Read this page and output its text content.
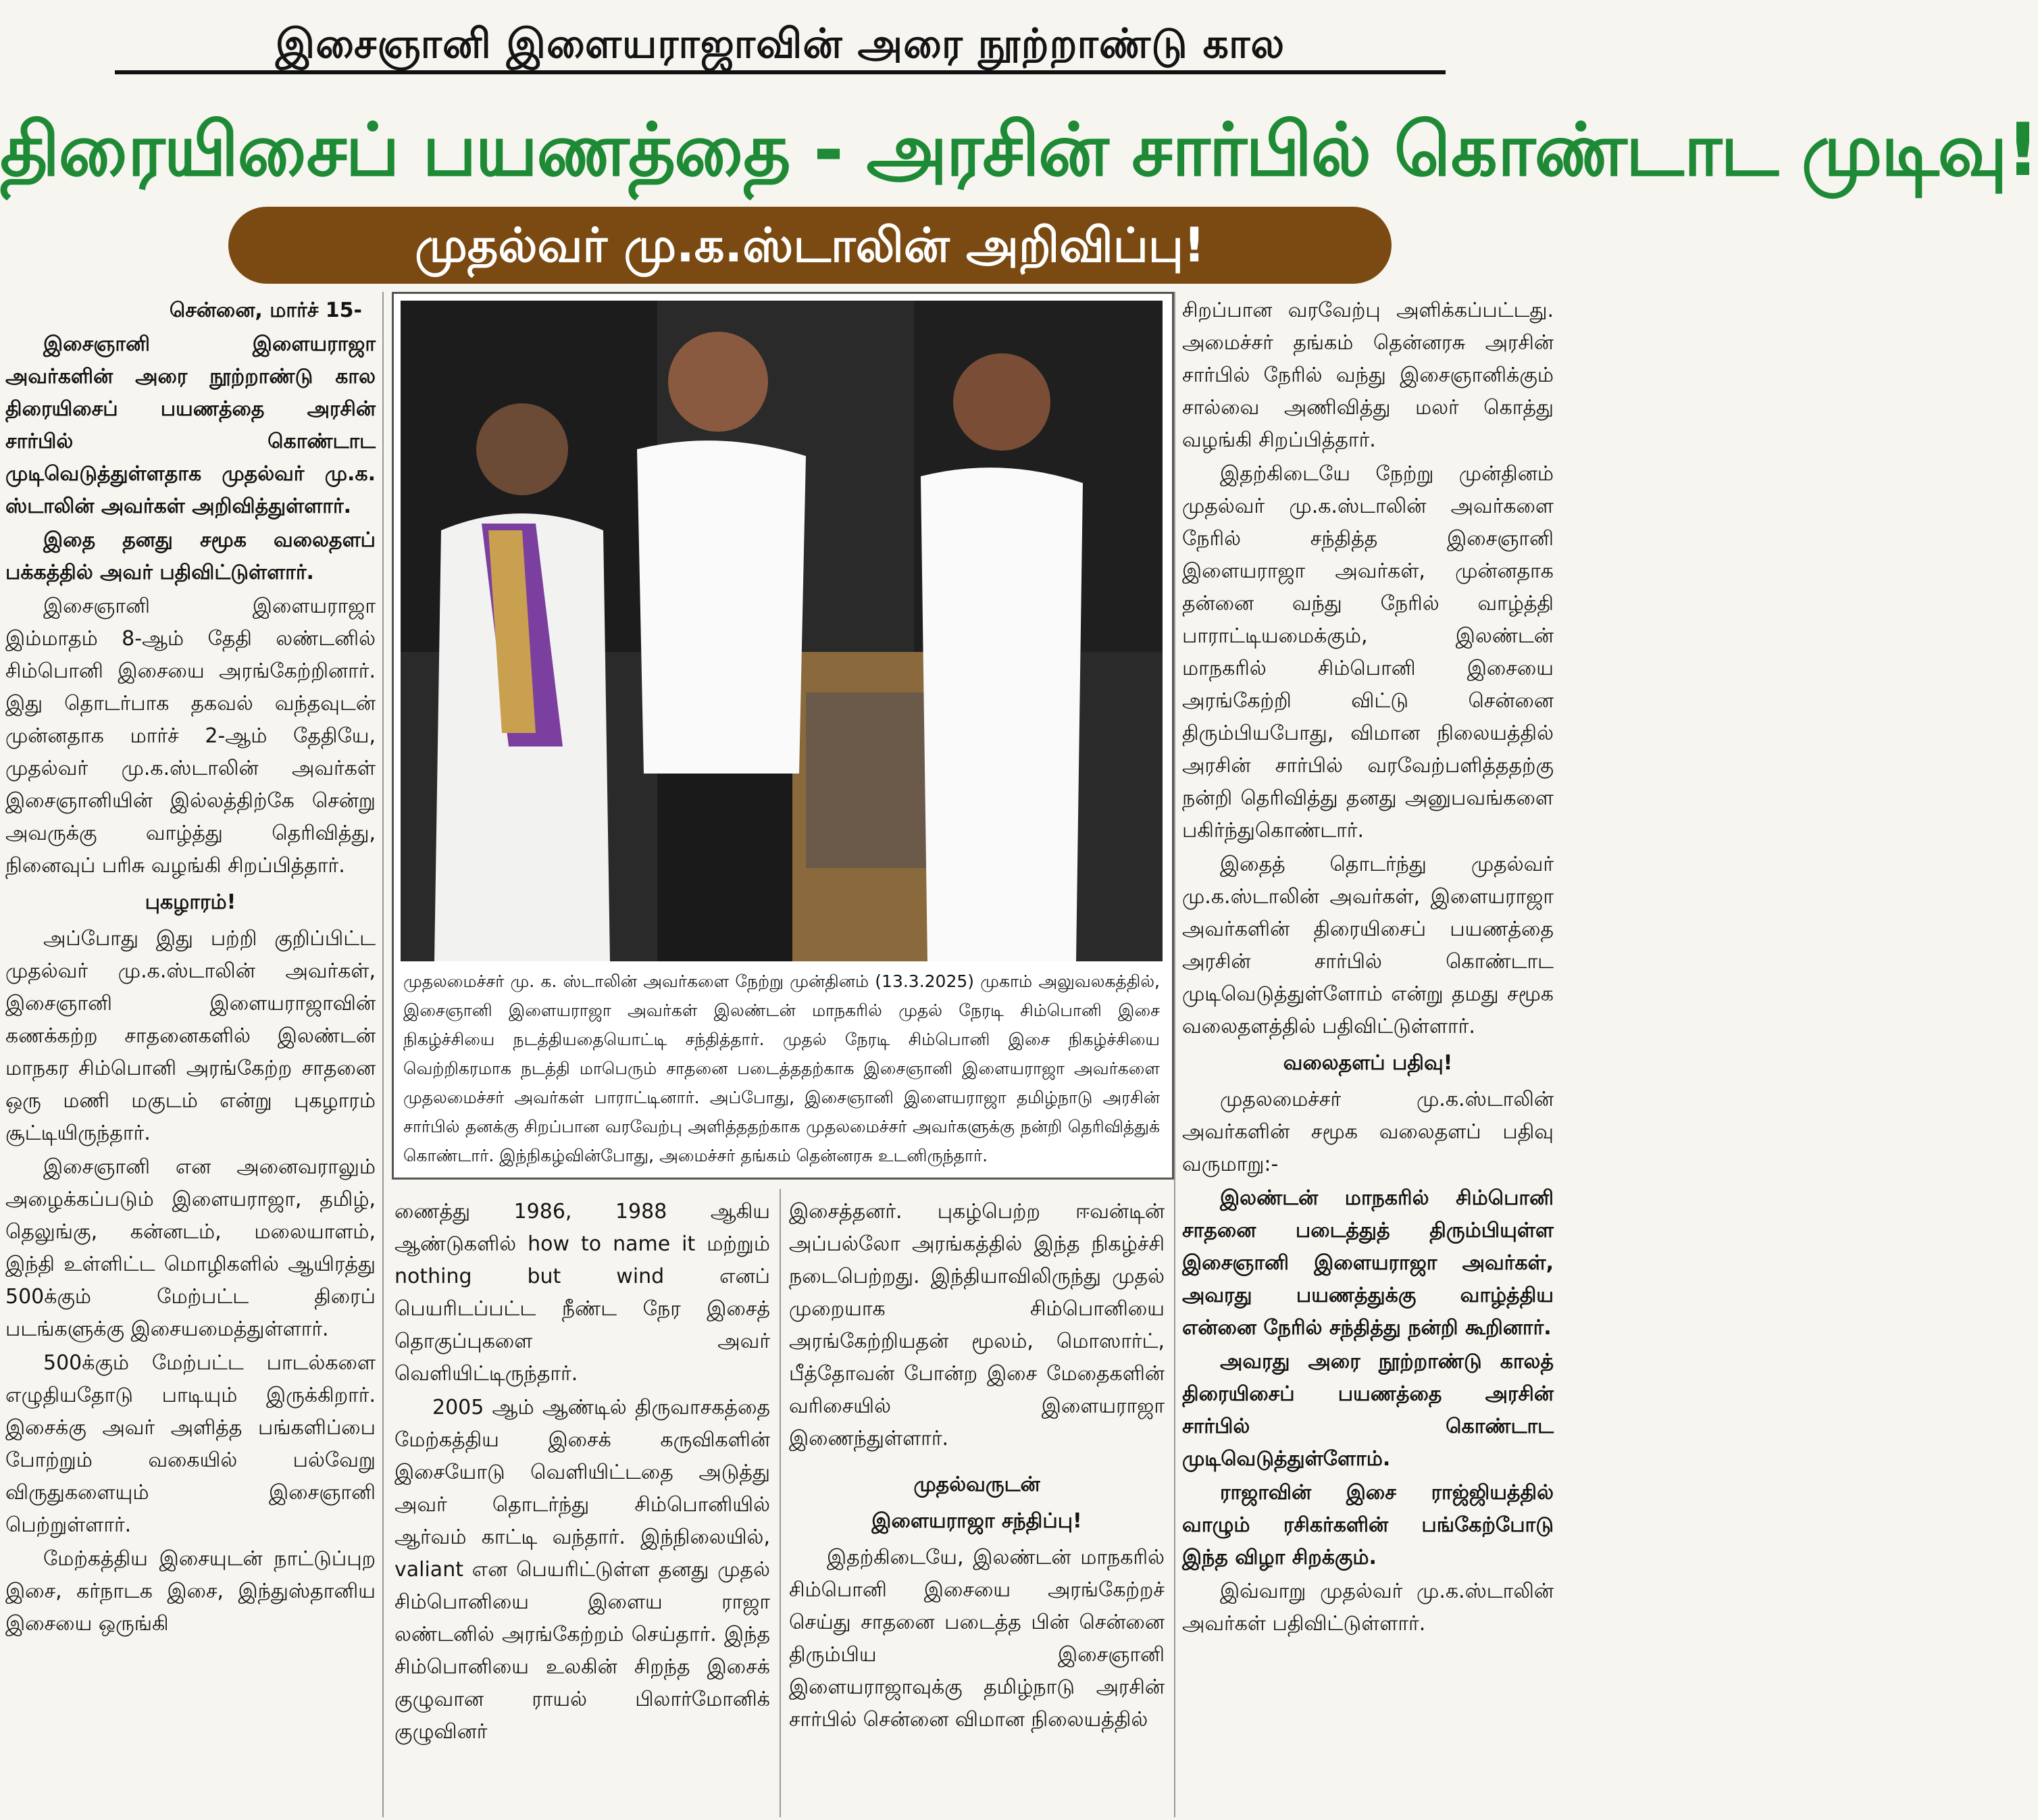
இசைஞானி இளையராஜாவின் அரை நூற்றாண்டு கால
திரையிசைப் பயணத்தை - அரசின் சார்பில் கொண்டாட முடிவு!
முதல்வர் மு.க.ஸ்டாலின் அறிவிப்பு!

சென்னை, மார்ச் 15-

இசைஞானி இளையராஜா அவர்களின் அரை நூற்றாண்டு கால திரையிசைப் பயணத்தை அரசின் சார்பில் கொண்டாட முடிவெடுத்துள்ளதாக முதல்வர் மு.க. ஸ்டாலின் அவர்கள் அறிவித்துள்ளார்.

இதை தனது சமூக வலைதளப் பக்கத்தில் அவர் பதிவிட்டுள்ளார்.

இசைஞானி இளையராஜா இம்மாதம் 8-ஆம் தேதி லண்டனில் சிம்பொனி இசையை அரங்கேற்றினார். இது தொடர்பாக தகவல் வந்தவுடன் முன்னதாக மார்ச் 2-ஆம் தேதியே, முதல்வர் மு.க.ஸ்டாலின் அவர்கள் இசைஞானியின் இல்லத்திற்கே சென்று அவருக்கு வாழ்த்து தெரிவித்து, நினைவுப் பரிசு வழங்கி சிறப்பித்தார்.

புகழாரம்!

அப்போது இது பற்றி குறிப்பிட்ட முதல்வர் மு.க.ஸ்டாலின் அவர்கள், இசைஞானி இளையராஜாவின் கணக்கற்ற சாதனைகளில் இலண்டன் மாநகர சிம்பொனி அரங்கேற்ற சாதனை ஒரு மணி மகுடம் என்று புகழாரம் சூட்டியிருந்தார்.

இசைஞானி என அனைவராலும் அழைக்கப்படும் இளையராஜா, தமிழ், தெலுங்கு, கன்னடம், மலையாளம், இந்தி உள்ளிட்ட மொழிகளில் ஆயிரத்து 500க்கும் மேற்பட்ட திரைப் படங்களுக்கு இசையமைத்துள்ளார்.

500க்கும் மேற்பட்ட பாடல்களை எழுதியதோடு பாடியும் இருக்கிறார். இசைக்கு அவர் அளித்த பங்களிப்பை போற்றும் வகையில் பல்வேறு விருதுகளையும் இசைஞானி பெற்றுள்ளார்.

மேற்கத்திய இசையுடன் நாட்டுப்புற இசை, கர்நாடக இசை, இந்துஸ்தானிய இசையை ஒருங்கி

முதலமைச்சர் மு. க. ஸ்டாலின் அவர்களை நேற்று முன்தினம் (13.3.2025) முகாம் அலுவலகத்தில், இசைஞானி இளையராஜா அவர்கள் இலண்டன் மாநகரில் முதல் நேரடி சிம்பொனி இசை நிகழ்ச்சியை நடத்தியதையொட்டி சந்தித்தார். முதல் நேரடி சிம்பொனி இசை நிகழ்ச்சியை வெற்றிகரமாக நடத்தி மாபெரும் சாதனை படைத்ததற்காக இசைஞானி இளையராஜா அவர்களை முதலமைச்சர் அவர்கள் பாராட்டினார். அப்போது, இசைஞானி இளையராஜா தமிழ்நாடு அரசின் சார்பில் தனக்கு சிறப்பான வரவேற்பு அளித்ததற்காக முதலமைச்சர் அவர்களுக்கு நன்றி தெரிவித்துக் கொண்டார். இந்நிகழ்வின்போது, அமைச்சர் தங்கம் தென்னரசு உடனிருந்தார்.

ணைத்து 1986, 1988 ஆகிய ஆண்டுகளில் how to name it மற்றும் nothing but wind எனப் பெயரிடப்பட்ட நீண்ட நேர இசைத் தொகுப்புகளை அவர் வெளியிட்டிருந்தார்.

2005 ஆம் ஆண்டில் திருவாசகத்தை மேற்கத்திய இசைக் கருவிகளின் இசையோடு வெளியிட்டதை அடுத்து அவர் தொடர்ந்து சிம்பொனியில் ஆர்வம் காட்டி வந்தார். இந்நிலையில், valiant என பெயரிட்டுள்ள தனது முதல் சிம்பொனியை இளைய ராஜா லண்டனில் அரங்கேற்றம் செய்தார். இந்த சிம்பொனியை உலகின் சிறந்த இசைக் குழுவான ராயல் பிலார்மோனிக் குழுவினர்

இசைத்தனர். புகழ்பெற்ற ஈவன்டின் அப்பல்லோ அரங்கத்தில் இந்த நிகழ்ச்சி நடைபெற்றது. இந்தியாவிலிருந்து முதல் முறையாக சிம்பொனியை அரங்கேற்றியதன் மூலம், மொஸார்ட், பீத்தோவன் போன்ற இசை மேதைகளின் வரிசையில் இளையராஜா இணைந்துள்ளார்.

முதல்வருடன்
இளையராஜா சந்திப்பு!

இதற்கிடையே, இலண்டன் மாநகரில் சிம்பொனி இசையை அரங்கேற்றச் செய்து சாதனை படைத்த பின் சென்னை திரும்பிய இசைஞானி இளையராஜாவுக்கு தமிழ்நாடு அரசின் சார்பில் சென்னை விமான நிலையத்தில்

சிறப்பான வரவேற்பு அளிக்கப்பட்டது. அமைச்சர் தங்கம் தென்னரசு அரசின் சார்பில் நேரில் வந்து இசைஞானிக்கும் சால்வை அணிவித்து மலர் கொத்து வழங்கி சிறப்பித்தார்.

இதற்கிடையே நேற்று முன்தினம் முதல்வர் மு.க.ஸ்டாலின் அவர்களை நேரில் சந்தித்த இசைஞானி இளையராஜா அவர்கள், முன்னதாக தன்னை வந்து நேரில் வாழ்த்தி பாராட்டியமைக்கும், இலண்டன் மாநகரில் சிம்பொனி இசையை அரங்கேற்றி விட்டு சென்னை திரும்பியபோது, விமான நிலையத்தில் அரசின் சார்பில் வரவேற்பளித்ததற்கு நன்றி தெரிவித்து தனது அனுபவங்களை பகிர்ந்துகொண்டார்.

இதைத் தொடர்ந்து முதல்வர் மு.க.ஸ்டாலின் அவர்கள், இளையராஜா அவர்களின் திரையிசைப் பயணத்தை அரசின் சார்பில் கொண்டாட முடிவெடுத்துள்ளோம் என்று தமது சமூக வலைதளத்தில் பதிவிட்டுள்ளார்.

வலைதளப் பதிவு!

முதலமைச்சர் மு.க.ஸ்டாலின் அவர்களின் சமூக வலைதளப் பதிவு வருமாறு:-

இலண்டன் மாநகரில் சிம்பொனி சாதனை படைத்துத் திரும்பியுள்ள இசைஞானி இளையராஜா அவர்கள், அவரது பயணத்துக்கு வாழ்த்திய என்னை நேரில் சந்தித்து நன்றி கூறினார்.

அவரது அரை நூற்றாண்டு காலத் திரையிசைப் பயணத்தை அரசின் சார்பில் கொண்டாட முடிவெடுத்துள்ளோம்.

ராஜாவின் இசை ராஜ்ஜியத்தில் வாழும் ரசிகர்களின் பங்கேற்போடு இந்த விழா சிறக்கும்.

இவ்வாறு முதல்வர் மு.க.ஸ்டாலின் அவர்கள் பதிவிட்டுள்ளார்.
